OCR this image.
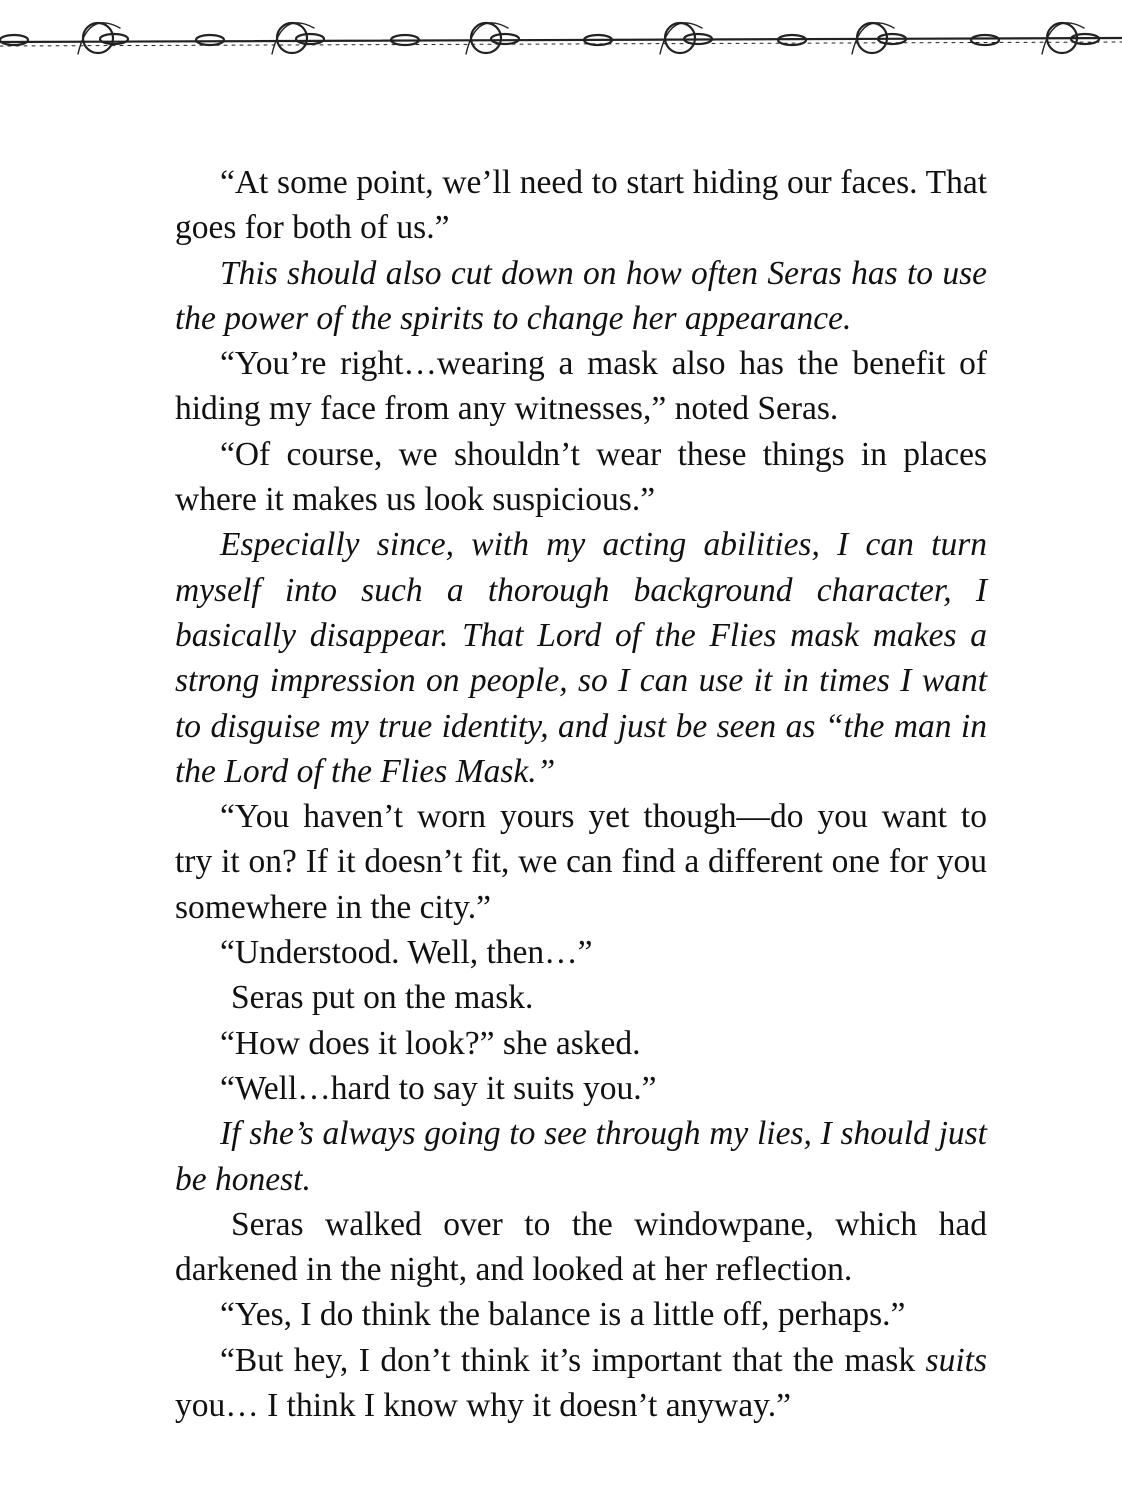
“At some point, we’ll need to start hiding our faces. That goes for both of us.”

This should also cut down on how often Seras has to use the power of the spirits to change her appearance.

“You’re right…wearing a mask also has the benefit of hiding my face from any witnesses,” noted Seras.

“Of course, we shouldn’t wear these things in places where it makes us look suspicious.”

Especially since, with my acting abilities, I can turn myself into such a thorough background character, I basically disappear. That Lord of the Flies mask makes a strong impression on people, so I can use it in times I want to disguise my true identity, and just be seen as “the man in the Lord of the Flies Mask.”

“You haven’t worn yours yet though—do you want to try it on? If it doesn’t fit, we can find a different one for you somewhere in the city.”

“Understood. Well, then…”

Seras put on the mask.

“How does it look?” she asked.

“Well…hard to say it suits you.”

If she’s always going to see through my lies, I should just be honest.

Seras walked over to the windowpane, which had darkened in the night, and looked at her reflection.

“Yes, I do think the balance is a little off, perhaps.”

“But hey, I don’t think it’s important that the mask suits you… I think I know why it doesn’t anyway.”
